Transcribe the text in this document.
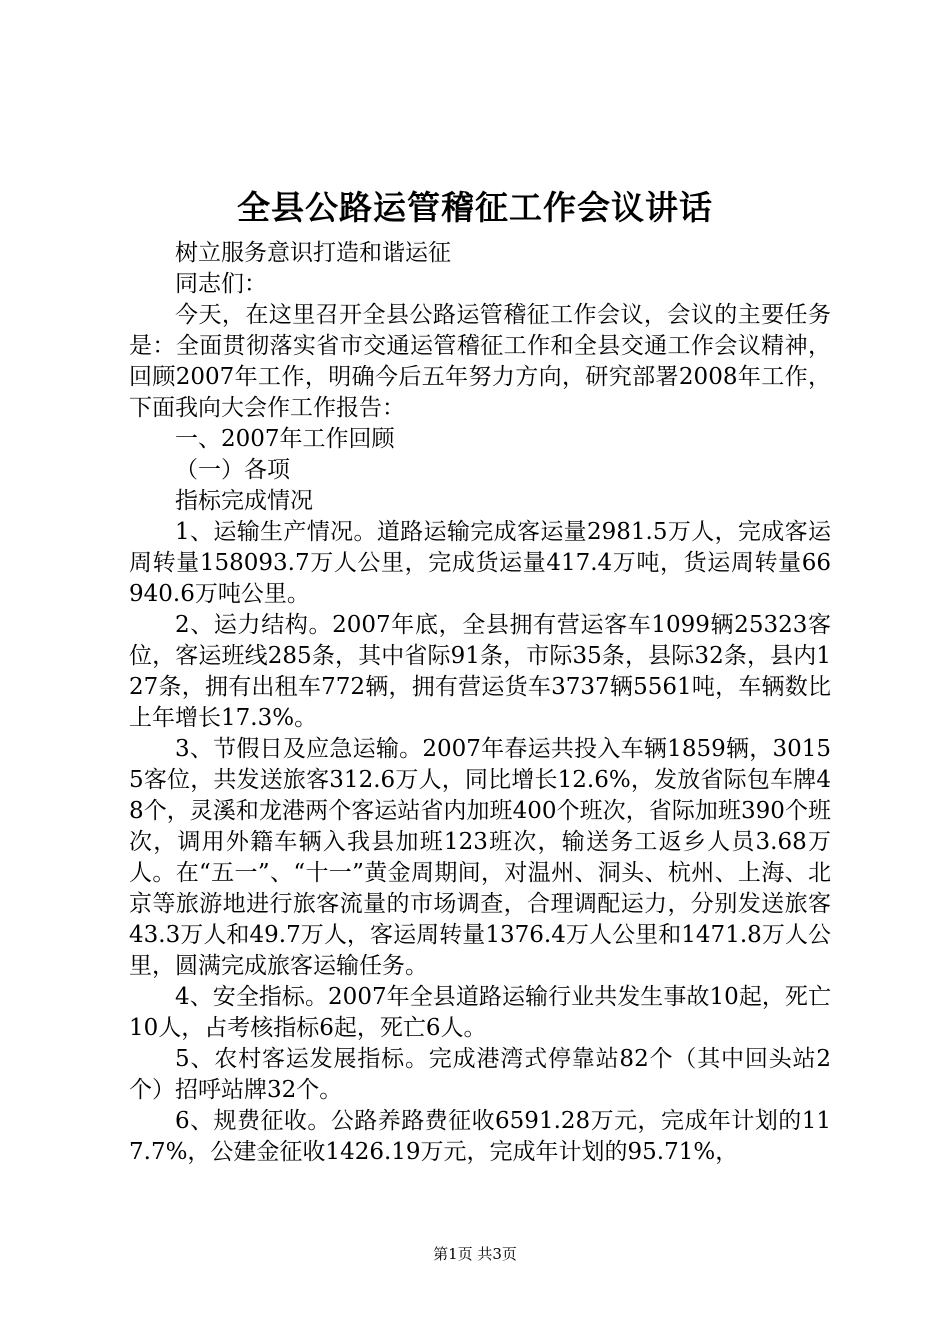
全县公路运管稽征工作会议讲话

树立服务意识打造和谐运征

同志们：

今天，在这里召开全县公路运管稽征工作会议，会议的主要任务是：全面贯彻落实省市交通运管稽征工作和全县交通工作会议精神，回顾2007年工作，明确今后五年努力方向，研究部署2008年工作，下面我向大会作工作报告：

一、2007年工作回顾

（一）各项

指标完成情况

1、运输生产情况。道路运输完成客运量2981.5万人，完成客运周转量158093.7万人公里，完成货运量417.4万吨，货运周转量66940.6万吨公里。

2、运力结构。2007年底，全县拥有营运客车1099辆25323客位，客运班线285条，其中省际91条，市际35条，县际32条，县内127条，拥有出租车772辆，拥有营运货车3737辆5561吨，车辆数比上年增长17.3%。

3、节假日及应急运输。2007年春运共投入车辆1859辆，30155客位，共发送旅客312.6万人，同比增长12.6%，发放省际包车牌48个，灵溪和龙港两个客运站省内加班400个班次，省际加班390个班次，调用外籍车辆入我县加班123班次，输送务工返乡人员3.68万人。在“五一”、“十一”黄金周期间，对温州、洞头、杭州、上海、北京等旅游地进行旅客流量的市场调查，合理调配运力，分别发送旅客43.3万人和49.7万人，客运周转量1376.4万人公里和1471.8万人公里，圆满完成旅客运输任务。

4、安全指标。2007年全县道路运输行业共发生事故10起，死亡10人，占考核指标6起，死亡6人。

5、农村客运发展指标。完成港湾式停靠站82个（其中回头站2个）招呼站牌32个。

6、规费征收。公路养路费征收6591.28万元，完成年计划的117.7%，公建金征收1426.19万元，完成年计划的95.71%，

第1页 共3页
